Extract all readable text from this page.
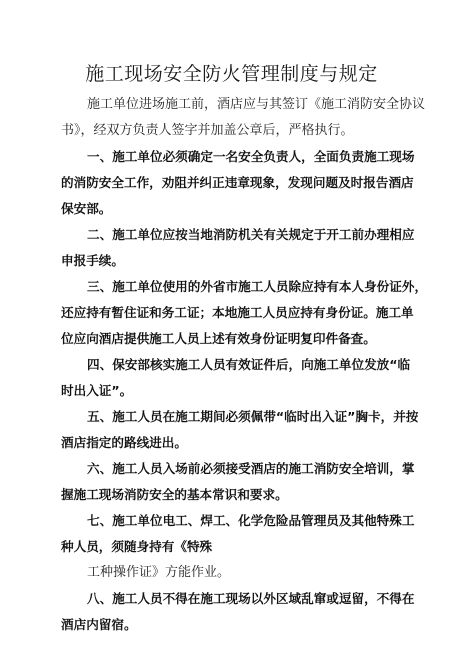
施工现场安全防火管理制度与规定

施工单位进场施工前，酒店应与其签订《施工消防安全协议
书》，经双方负责人签字并加盖公章后，严格执行。

一、施工单位必须确定一名安全负责人，全面负责施工现场
的消防安全工作，劝阻并纠正违章现象，发现问题及时报告酒店
保安部。

二、施工单位应按当地消防机关有关规定于开工前办理相应
申报手续。

三、施工单位使用的外省市施工人员除应持有本人身份证外，
还应持有暂住证和务工证；本地施工人员应持有身份证。施工单
位应向酒店提供施工人员上述有效身份证明复印件备查。

四、保安部核实施工人员有效证件后，向施工单位发放“临
时出入证”。

五、施工人员在施工期间必须佩带“临时出入证”胸卡，并按
酒店指定的路线进出。

六、施工人员入场前必须接受酒店的施工消防安全培训，掌
握施工现场消防安全的基本常识和要求。

七、施工单位电工、焊工、化学危险品管理员及其他特殊工
种人员，须随身持有《特殊

工种操作证》方能作业。

八、施工人员不得在施工现场以外区域乱窜或逗留，不得在
酒店内留宿。
